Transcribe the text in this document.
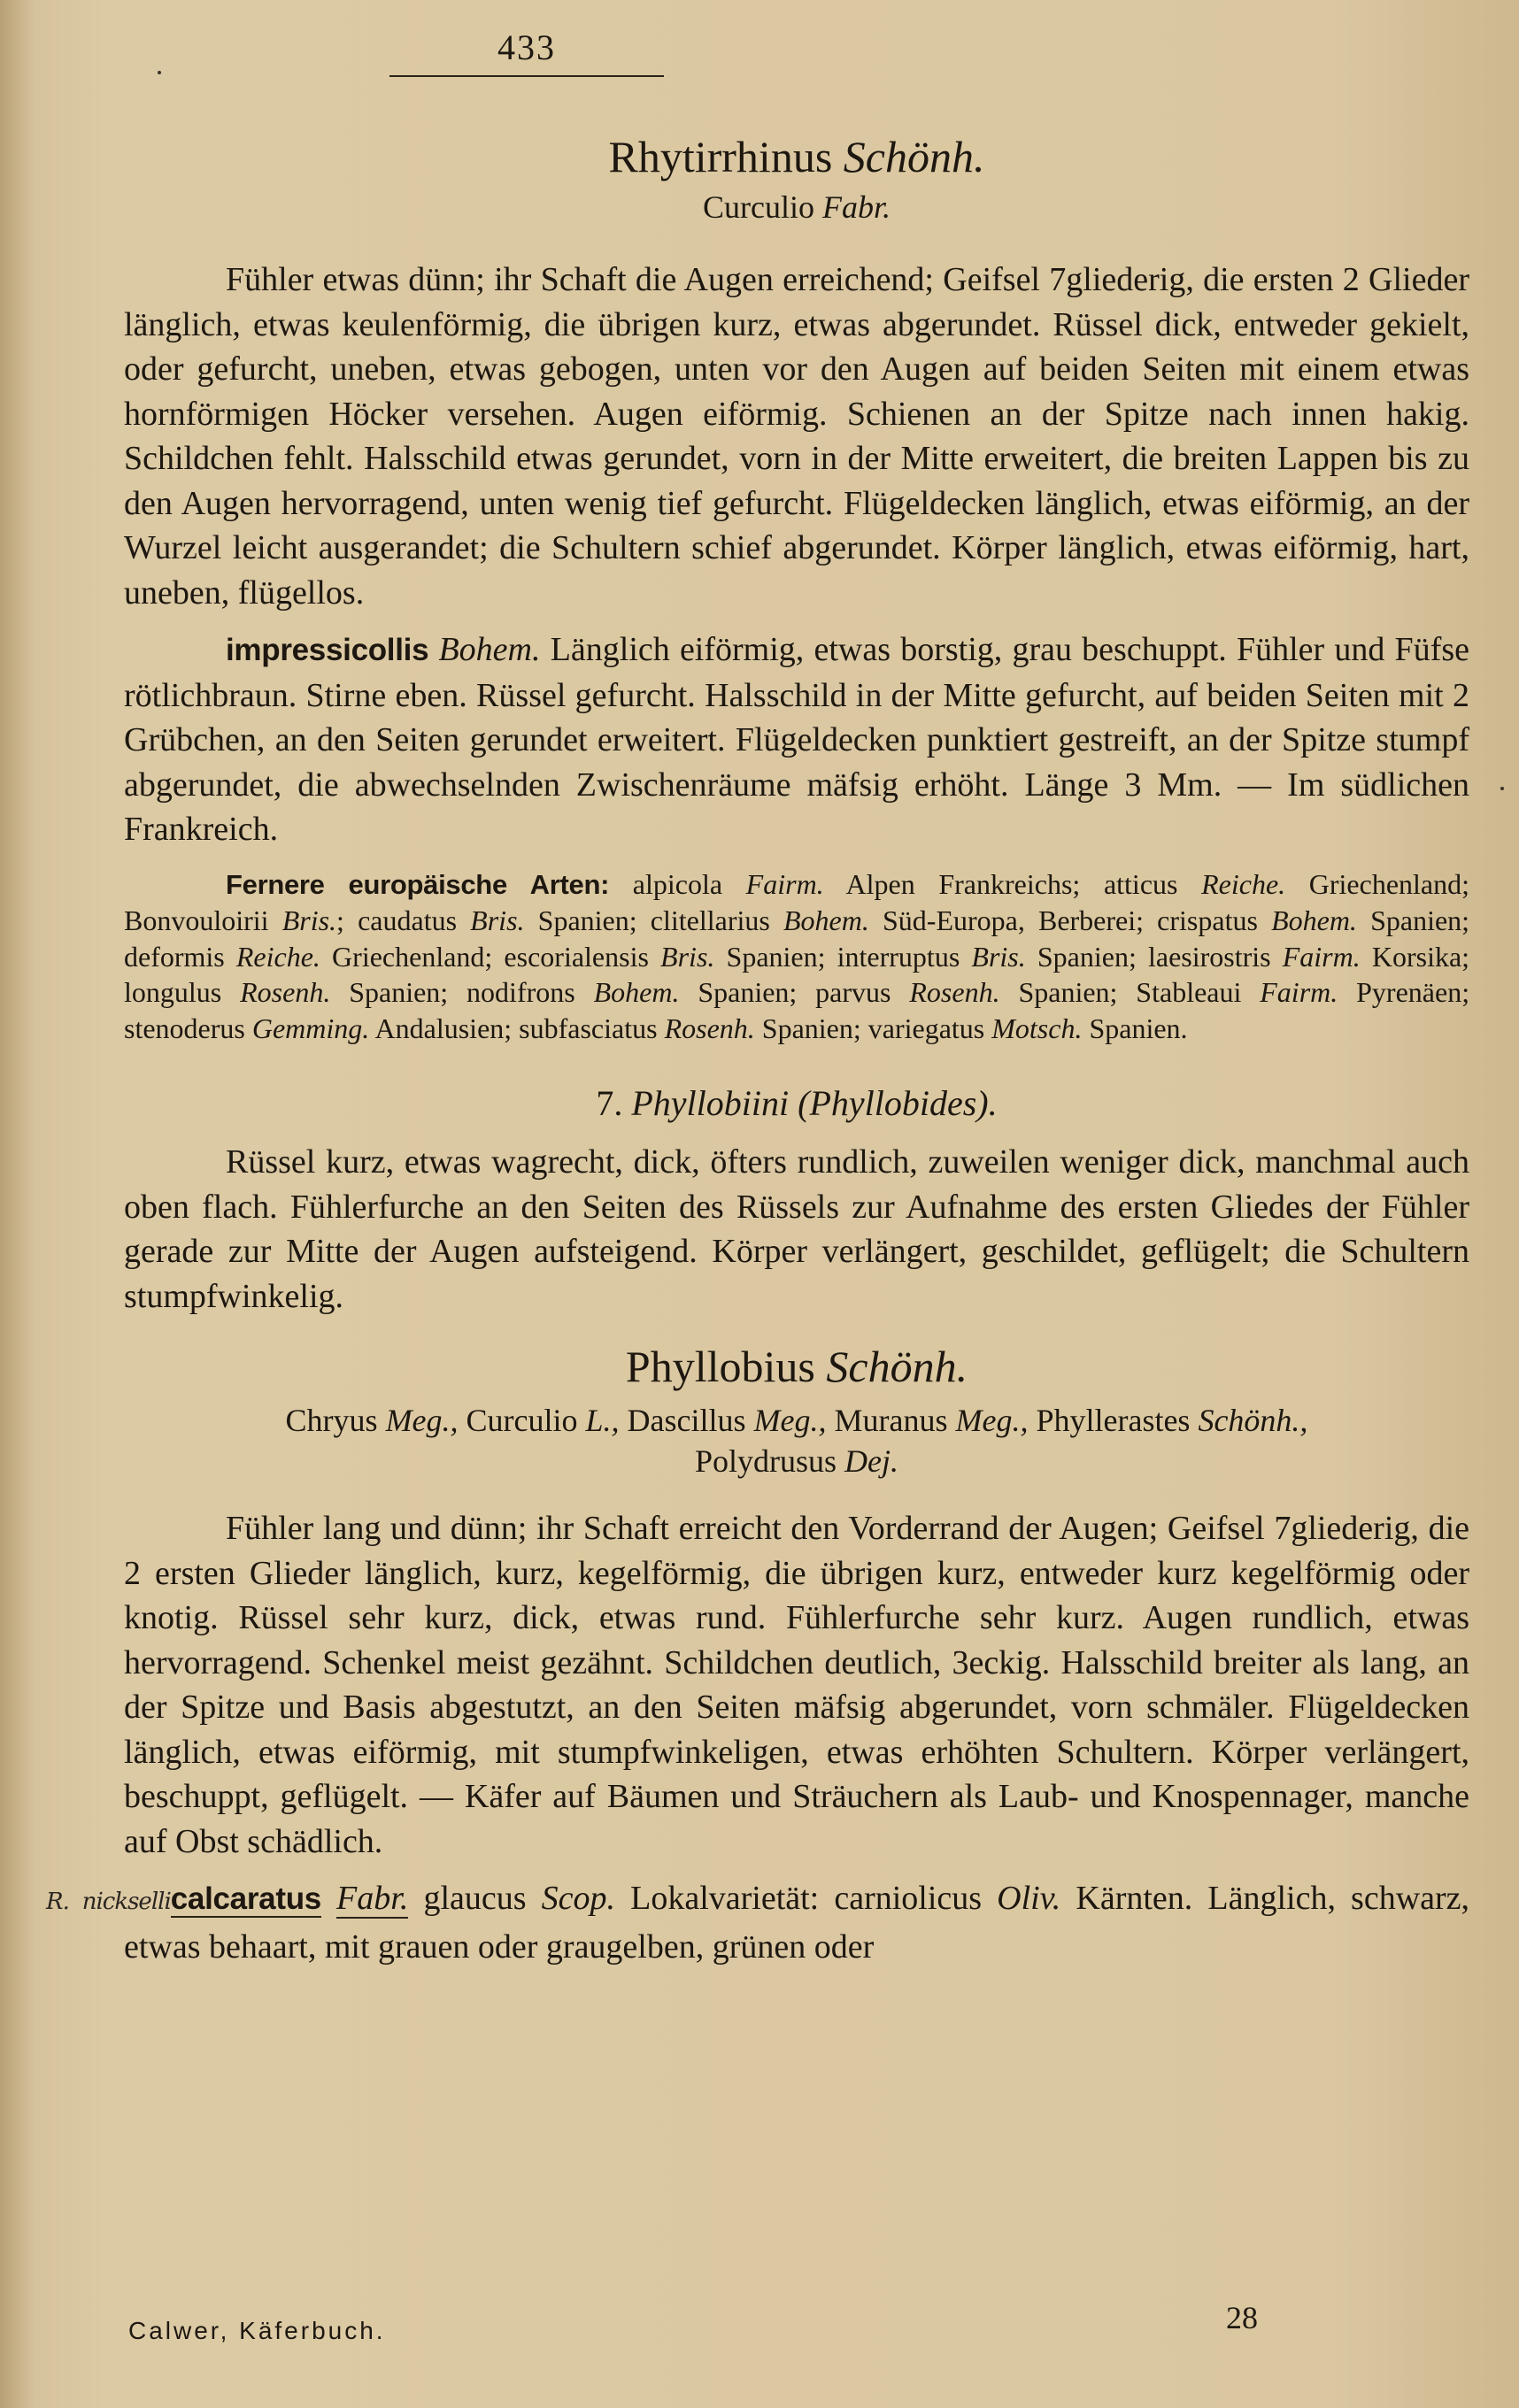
433
Rhytirrhinus Schönh.
Curculio Fabr.

Fühler etwas dünn; ihr Schaft die Augen erreichend; Geifsel 7gliederig, die ersten 2 Glieder länglich, etwas keulenförmig, die übrigen kurz, etwas abgerundet. Rüssel dick, entweder gekielt, oder gefurcht, uneben, etwas gebogen, unten vor den Augen auf beiden Seiten mit einem etwas hornförmigen Höcker versehen. Augen eiförmig. Schienen an der Spitze nach innen hakig. Schildchen fehlt. Halsschild etwas gerundet, vorn in der Mitte erweitert, die breiten Lappen bis zu den Augen hervorragend, unten wenig tief gefurcht. Flügeldecken länglich, etwas eiförmig, an der Wurzel leicht ausgerandet; die Schultern schief abgerundet. Körper länglich, etwas eiförmig, hart, uneben, flügellos.

impressicollis Bohem. Länglich eiförmig, etwas borstig, grau beschuppt. Fühler und Füfse rötlichbraun. Stirne eben. Rüssel gefurcht. Halsschild in der Mitte gefurcht, auf beiden Seiten mit 2 Grübchen, an den Seiten gerundet erweitert. Flügeldecken punktiert gestreift, an der Spitze stumpf abgerundet, die abwechselnden Zwischenräume mäfsig erhöht. Länge 3 Mm. — Im südlichen Frankreich.

Fernere europäische Arten: alpicola Fairm. Alpen Frankreichs; atticus Reiche. Griechenland; Bonvouloirii Bris.; caudatus Bris. Spanien; clitellarius Bohem. Süd-Europa, Berberei; crispatus Bohem. Spanien; deformis Reiche. Griechenland; escorialensis Bris. Spanien; interruptus Bris. Spanien; laesirostris Fairm. Korsika; longulus Rosenh. Spanien; nodifrons Bohem. Spanien; parvus Rosenh. Spanien; Stableaui Fairm. Pyrenäen; stenoderus Gemming. Andalusien; subfasciatus Rosenh. Spanien; variegatus Motsch. Spanien.

7. Phyllobiini (Phyllobides).

Rüssel kurz, etwas wagrecht, dick, öfters rundlich, zuweilen weniger dick, manchmal auch oben flach. Fühlerfurche an den Seiten des Rüssels zur Aufnahme des ersten Gliedes der Fühler gerade zur Mitte der Augen aufsteigend. Körper verlängert, geschildet, geflügelt; die Schultern stumpfwinkelig.

Phyllobius Schönh.
Chryus Meg., Curculio L., Dascillus Meg., Muranus Meg., Phyllerastes Schönh.,
Polydrusus Dej.

Fühler lang und dünn; ihr Schaft erreicht den Vorderrand der Augen; Geifsel 7gliederig, die 2 ersten Glieder länglich, kurz, kegelförmig, die übrigen kurz, entweder kurz kegelförmig oder knotig. Rüssel sehr kurz, dick, etwas rund. Fühlerfurche sehr kurz. Augen rundlich, etwas hervorragend. Schenkel meist gezähnt. Schildchen deutlich, 3eckig. Halsschild breiter als lang, an der Spitze und Basis abgestutzt, an den Seiten mäfsig abgerundet, vorn schmäler. Flügeldecken länglich, etwas eiförmig, mit stumpfwinkeligen, etwas erhöhten Schultern. Körper verlängert, beschuppt, geflügelt. — Käfer auf Bäumen und Sträuchern als Laub- und Knospennager, manche auf Obst schädlich.

R. nicksellicalcaratus Fabr. glaucus Scop. Lokalvarietät: carniolicus Oliv. Kärnten. Länglich, schwarz, etwas behaart, mit grauen oder graugelben, grünen oder

Calwer, Käferbuch.	28
